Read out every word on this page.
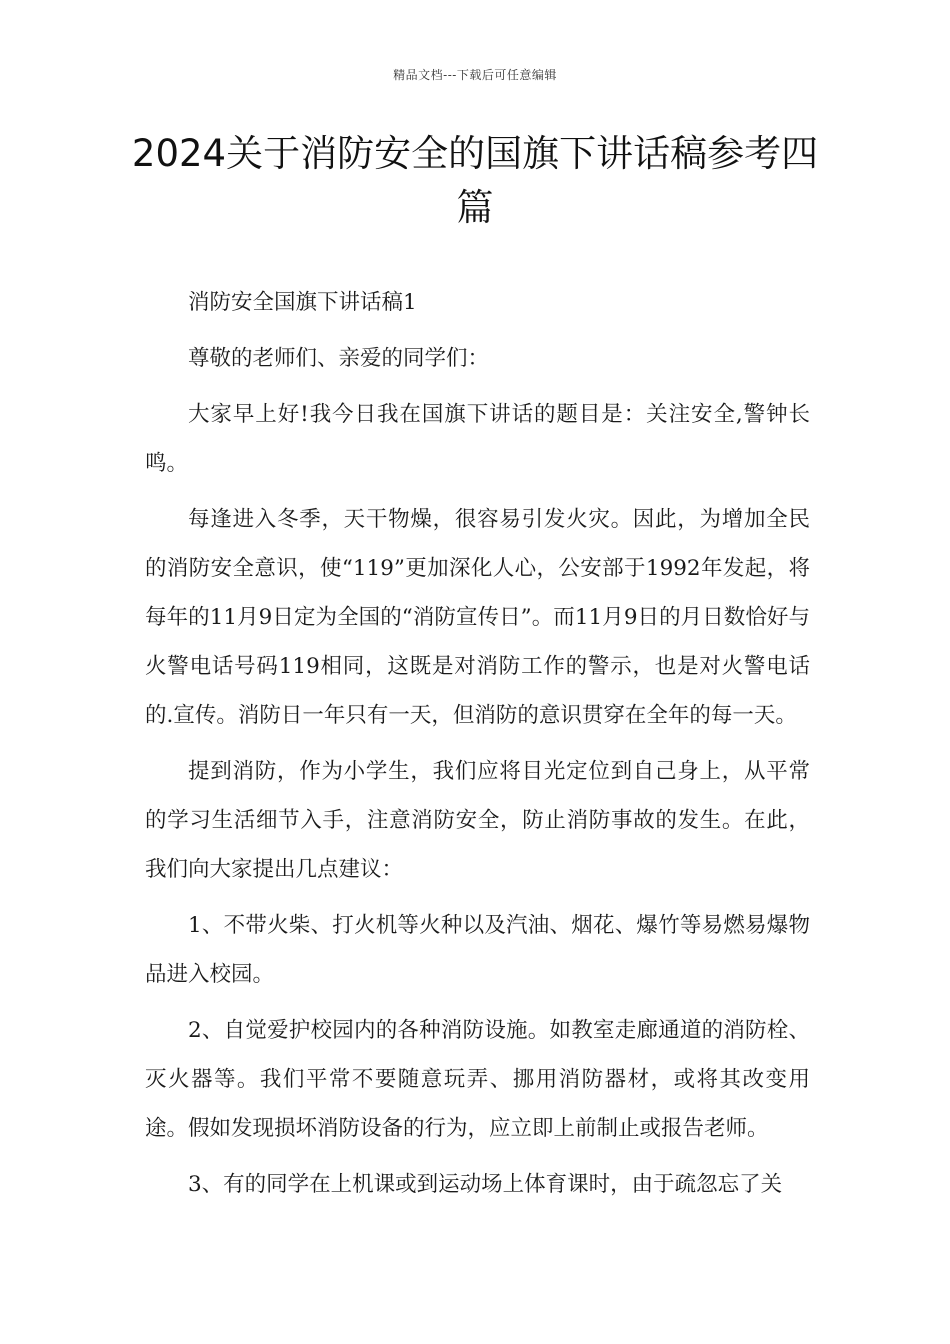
精品文档---下载后可任意编辑
2024关于消防安全的国旗下讲话稿参考四篇

消防安全国旗下讲话稿1

尊敬的老师们、亲爱的同学们：

大家早上好!我今日我在国旗下讲话的题目是：关注安全,警钟长鸣。

每逢进入冬季，天干物燥，很容易引发火灾。因此，为增加全民的消防安全意识，使“119”更加深化人心，公安部于1992年发起，将每年的11月9日定为全国的“消防宣传日”。而11月9日的月日数恰好与火警电话号码119相同，这既是对消防工作的警示，也是对火警电话的.宣传。消防日一年只有一天，但消防的意识贯穿在全年的每一天。

提到消防，作为小学生，我们应将目光定位到自己身上，从平常的学习生活细节入手，注意消防安全，防止消防事故的发生。在此，我们向大家提出几点建议：

1、不带火柴、打火机等火种以及汽油、烟花、爆竹等易燃易爆物品进入校园。

2、自觉爱护校园内的各种消防设施。如教室走廊通道的消防栓、灭火器等。我们平常不要随意玩弄、挪用消防器材，或将其改变用途。假如发现损坏消防设备的行为，应立即上前制止或报告老师。

3、有的同学在上机课或到运动场上体育课时，由于疏忽忘了关
